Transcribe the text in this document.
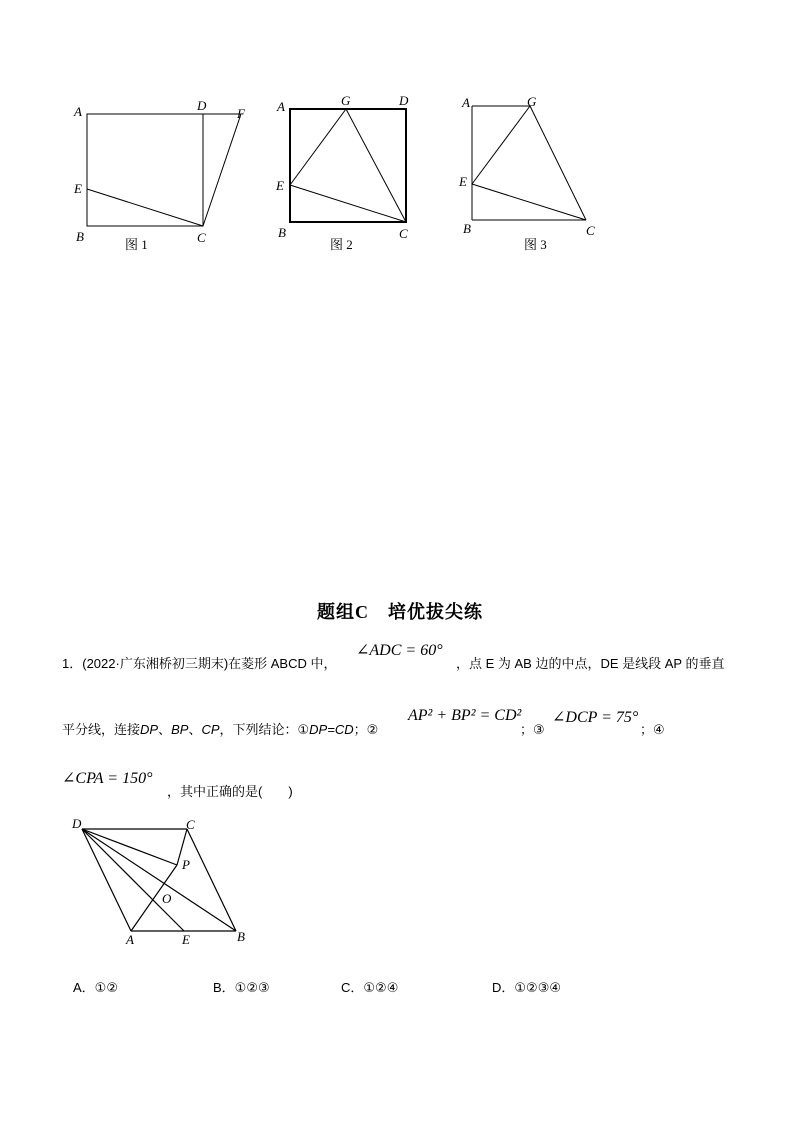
A	D
F
E
B	C
图 1
A	G	D
E
B	C
图 2
A	G
E
B	C
图 3
题组C　培优拔尖练
1．(2022·广东湘桥初三期末)在菱形 ABCD 中，
∠ADC = 60°
，点 E 为 AB 边的中点，DE 是线段 AP 的垂直
平分线，连接DP、BP、CP，下列结论：①DP=CD；②
AP² + BP² = CD²
；③
∠DCP = 75°
；④
∠CPA = 150°
，其中正确的是(　　)
D	C
P
O
A	E	B
A．①②	B．①②③	C．①②④	D．①②③④
